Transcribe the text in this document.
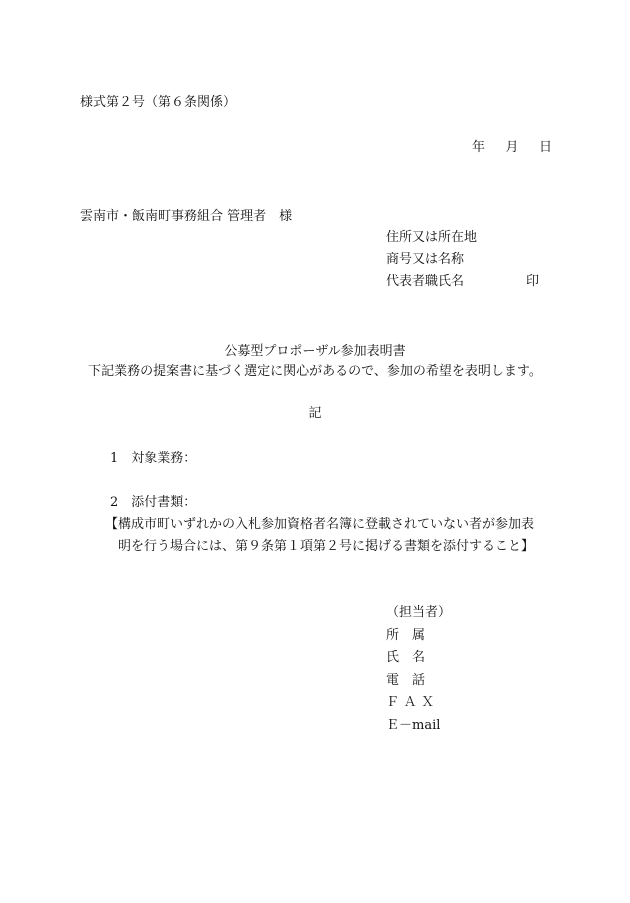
様式第２号（第６条関係）
年 月 日
雲南市・飯南町事務組合 管理者　様
住所又は所在地
商号又は名称
代表者職氏名	印
公募型プロポーザル参加表明書
下記業務の提案書に基づく選定に関心があるので、参加の希望を表明します。
記
1　対象業務：
2　添付書類：
【構成市町いずれかの入札参加資格者名簿に登載されていない者が参加表
明を行う場合には、第９条第１項第２号に掲げる書類を添付すること】
（担当者）
所属
氏名
電話
ＦＡＸ
Ｅ－mail
